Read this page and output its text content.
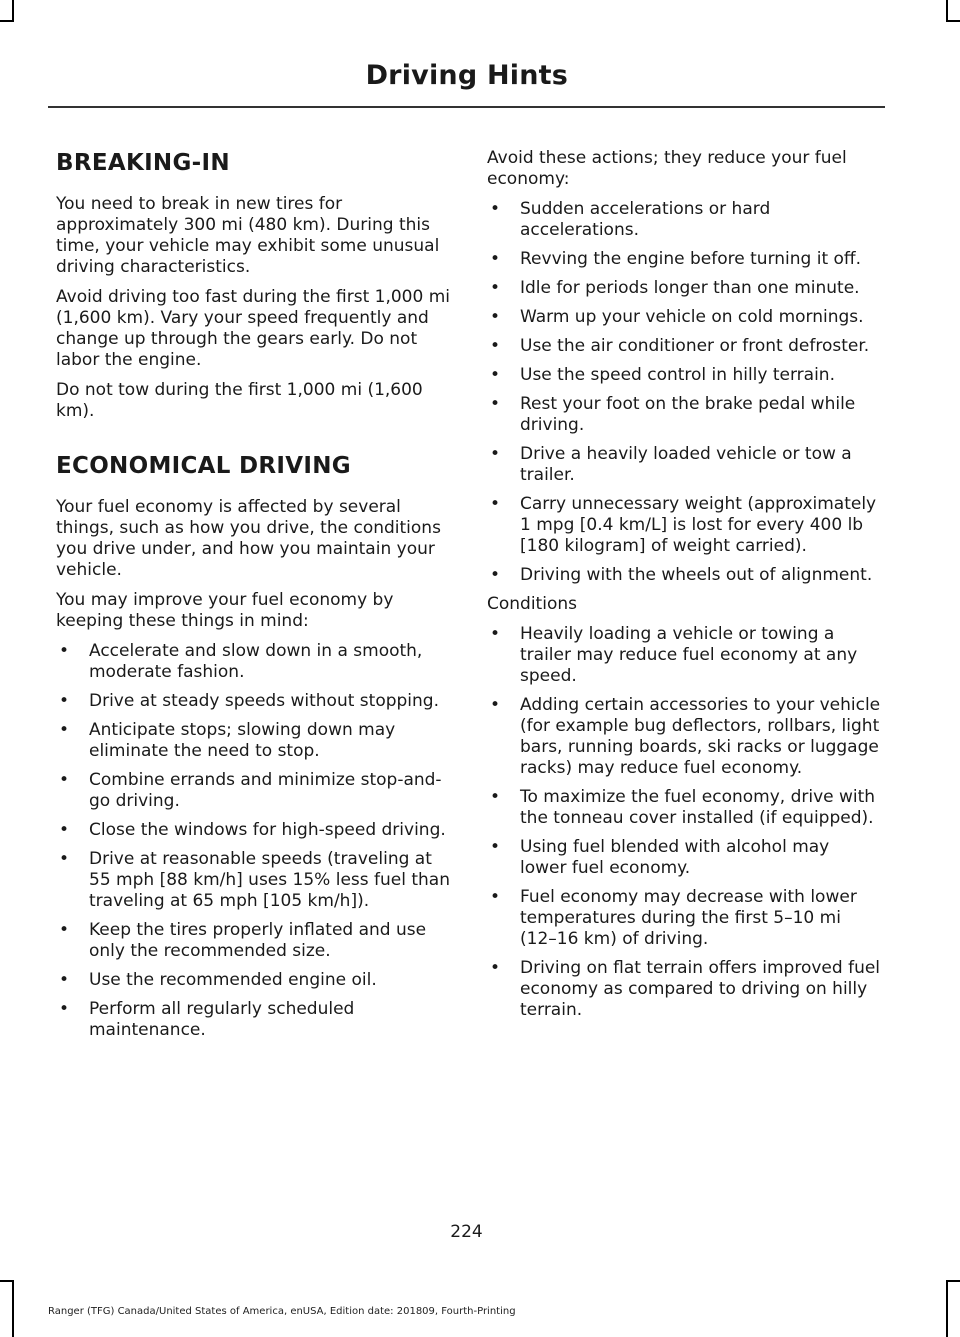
Driving Hints
BREAKING-IN

You need to break in new tires for approximately 300 mi (480 km). During this time, your vehicle may exhibit some unusual driving characteristics.

Avoid driving too fast during the first 1,000 mi (1,600 km). Vary your speed frequently and change up through the gears early. Do not labor the engine.

Do not tow during the first 1,000 mi (1,600 km).

ECONOMICAL DRIVING

Your fuel economy is affected by several things, such as how you drive, the conditions you drive under, and how you maintain your vehicle.

You may improve your fuel economy by keeping these things in mind:

• Accelerate and slow down in a smooth, moderate fashion.
• Drive at steady speeds without stopping.
• Anticipate stops; slowing down may eliminate the need to stop.
• Combine errands and minimize stop-and-go driving.
• Close the windows for high-speed driving.
• Drive at reasonable speeds (traveling at 55 mph [88 km/h] uses 15% less fuel than traveling at 65 mph [105 km/h]).
• Keep the tires properly inflated and use only the recommended size.
• Use the recommended engine oil.
• Perform all regularly scheduled maintenance.

Avoid these actions; they reduce your fuel economy:

• Sudden accelerations or hard accelerations.
• Revving the engine before turning it off.
• Idle for periods longer than one minute.
• Warm up your vehicle on cold mornings.
• Use the air conditioner or front defroster.
• Use the speed control in hilly terrain.
• Rest your foot on the brake pedal while driving.
• Drive a heavily loaded vehicle or tow a trailer.
• Carry unnecessary weight (approximately 1 mpg [0.4 km/L] is lost for every 400 lb [180 kilogram] of weight carried).
• Driving with the wheels out of alignment.

Conditions

• Heavily loading a vehicle or towing a trailer may reduce fuel economy at any speed.
• Adding certain accessories to your vehicle (for example bug deflectors, rollbars, light bars, running boards, ski racks or luggage racks) may reduce fuel economy.
• To maximize the fuel economy, drive with the tonneau cover installed (if equipped).
• Using fuel blended with alcohol may lower fuel economy.
• Fuel economy may decrease with lower temperatures during the first 5–10 mi (12–16 km) of driving.
• Driving on flat terrain offers improved fuel economy as compared to driving on hilly terrain.
224
Ranger (TFG) Canada/United States of America, enUSA, Edition date: 201809, Fourth-Printing
